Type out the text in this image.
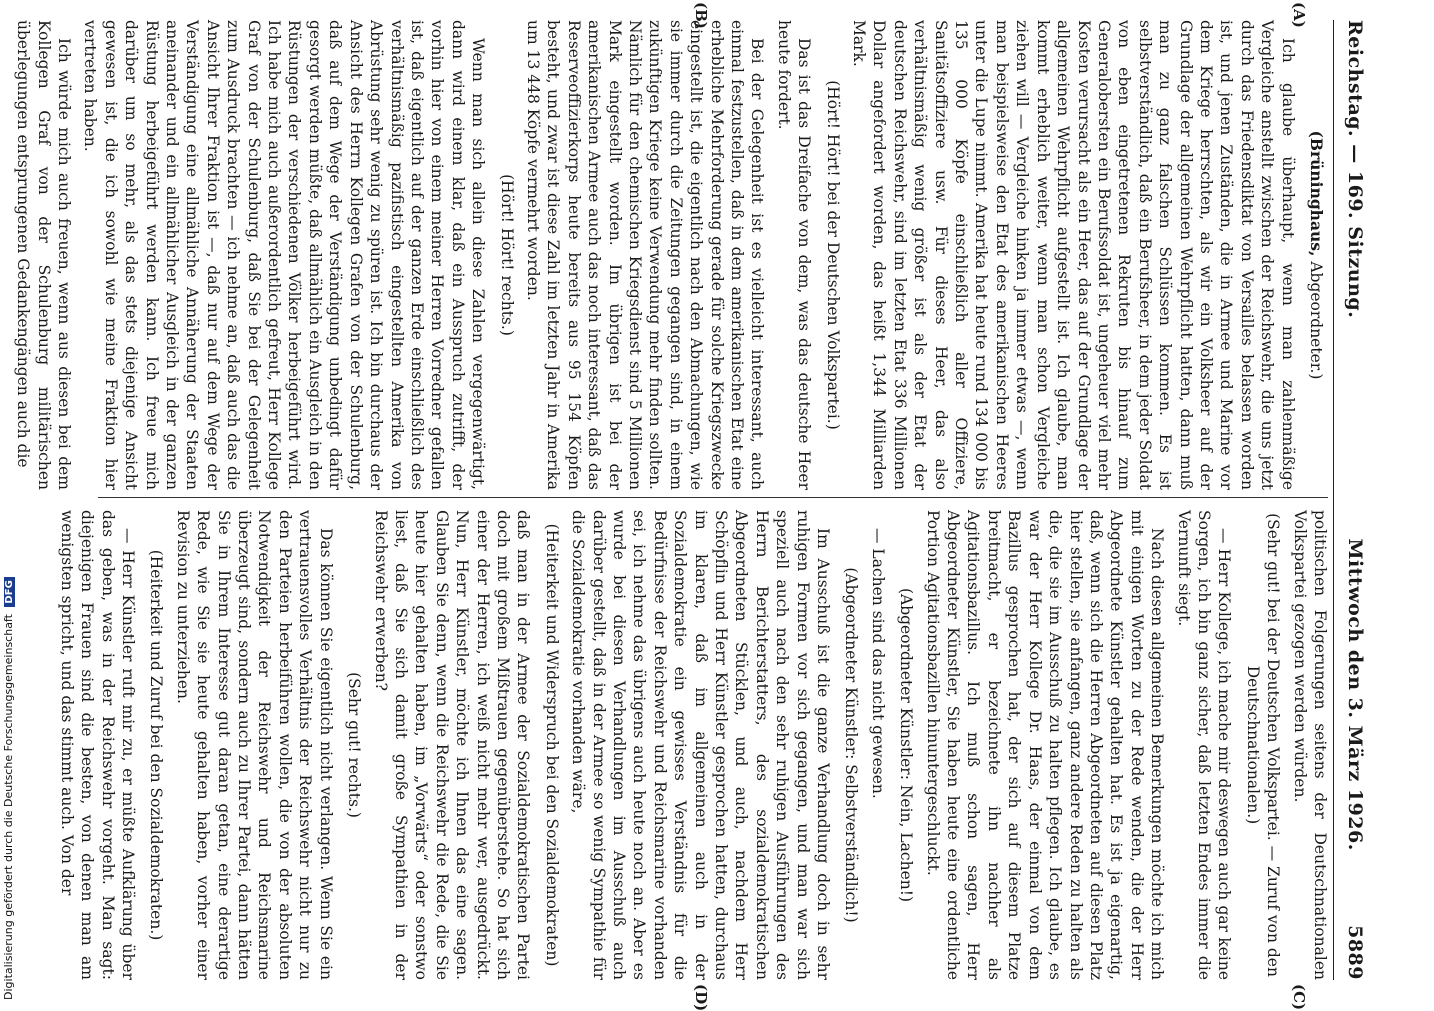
Digitalisierung gefördert durch die Deutsche Forschungsgemeinschaft DFG
Reichstag. — 169. Sitzung.
Mittwoch den 3. März 1926.  5889
(A)
(B)
(C)
(D)

(Brüninghaus, Abgeordneter.)

Ich glaube überhaupt, wenn man zahlenmäßige Vergleiche anstellt zwischen der Reichswehr, die uns jetzt durch das Friedensdiktat von Versailles belassen worden ist, und jenen Zuständen, die in Armee und Marine vor dem Kriege herrschten, als wir ein Volksheer auf der Grundlage der allgemeinen Wehrpflicht hatten, dann muß man zu ganz falschen Schlüssen kommen. Es ist selbstverständlich, daß ein Berufsheer, in dem jeder Soldat von eben eingetretenen Rekruten bis hinauf zum Generalobersten ein Berufssoldat ist, ungeheuer viel mehr Kosten verursacht als ein Heer, das auf der Grundlage der allgemeinen Wehrpflicht aufgestellt ist. Ich glaube, man kommt erheblich weiter, wenn man schon Vergleiche ziehen will — Vergleiche hinken ja immer etwas —, wenn man beispielsweise den Etat des amerikanischen Heeres unter die Lupe nimmt. Amerika hat heute rund 134 000 bis 135 000 Köpfe einschließlich aller Offiziere, Sanitätsoffiziere usw. Für dieses Heer, das also verhältnismäßig wenig größer ist als der Etat der deutschen Reichswehr, sind im letzten Etat 336 Millionen Dollar angefordert worden, das heißt 1,344 Milliarden Mark.

(Hört! Hört! bei der Deutschen Volkspartei.)

Das ist das Dreifache von dem, was das deutsche Heer heute fordert.

Bei der Gelegenheit ist es vielleicht interessant, auch einmal festzustellen, daß in dem amerikanischen Etat eine erhebliche Mehrforderung gerade für solche Kriegszwecke eingestellt ist, die eigentlich nach den Abmachungen, wie sie immer durch die Zeitungen gegangen sind, in einem zukünftigen Kriege keine Verwendung mehr finden sollten. Nämlich für den chemischen Kriegsdienst sind 5 Millionen Mark eingestellt worden. Im übrigen ist bei der amerikanischen Armee auch das noch interessant, daß das Reserveoffizierkorps heute bereits aus 95 154 Köpfen besteht, und zwar ist diese Zahl im letzten Jahr in Amerika um 13 448 Köpfe vermehrt worden.

(Hört! Hört! rechts.)

Wenn man sich allein diese Zahlen vergegenwärtigt, dann wird einem klar, daß ein Ausspruch zutrifft, der vorhin hier von einem meiner Herren Vorredner gefallen ist, daß eigentlich auf der ganzen Erde einschließlich des verhältnismäßig pazifistisch eingestellten Amerika von Abrüstung sehr wenig zu spüren ist. Ich bin durchaus der Ansicht des Herrn Kollegen Grafen von der Schulenburg, daß auf dem Wege der Verständigung unbedingt dafür gesorgt werden müßte, daß allmählich ein Ausgleich in den Rüstungen der verschiedenen Völker herbeigeführt wird. Ich habe mich auch außerordentlich gefreut, Herr Kollege Graf von der Schulenburg, daß Sie bei der Gelegenheit zum Ausdruck brachten — ich nehme an, daß auch das die Ansicht Ihrer Fraktion ist —, daß nur auf dem Wege der Verständigung eine allmähliche Annäherung der Staaten aneinander und ein allmählicher Ausgleich in der ganzen Rüstung herbeigeführt werden kann. Ich freue mich darüber um so mehr, als das stets diejenige Ansicht gewesen ist, die ich sowohl wie meine Fraktion hier vertreten haben.

Ich würde mich auch freuen, wenn aus diesen bei dem Kollegen Graf von der Schulenburg militärischen überlegungen entsprungenen Gedankengängen auch die

politischen Folgerungen seitens der Deutschnationalen Volkspartei gezogen werden würden.

(Sehr gut! bei der Deutschen Volkspartei. — Zuruf von den Deutschnationalen.)

— Herr Kollege, ich mache mir deswegen auch gar keine Sorgen, ich bin ganz sicher, daß letzten Endes immer die Vernunft siegt.

Nach diesen allgemeinen Bemerkungen möchte ich mich mit einigen Worten zu der Rede wenden, die der Herr Abgeordnete Künstler gehalten hat. Es ist ja eigenartig, daß, wenn sich die Herren Abgeordneten auf diesen Platz hier stellen, sie anfangen, ganz andere Reden zu halten als die, die sie im Ausschuß zu halten pflegen. Ich glaube, es war der Herr Kollege Dr. Haas, der einmal von dem Bazillus gesprochen hat, der sich auf diesem Platze breitmacht, er bezeichnete ihn nachher als Agitationsbazillus. Ich muß schon sagen, Herr Abgeordneter Künstler, Sie haben heute eine ordentliche Portion Agitationsbazillen hinuntergeschluckt.

(Abgeordneter Künstler: Nein, Lachen!)

— Lachen sind das nicht gewesen.

(Abgeordneter Künstler: Selbstverständlich!)

Im Ausschuß ist die ganze Verhandlung doch in sehr ruhigen Formen vor sich gegangen, und man war sich speziell auch nach den sehr ruhigen Ausführungen des Herrn Berichterstatters, des sozialdemokratischen Abgeordneten Stücklen, und auch, nachdem Herr Schöpflin und Herr Künstler gesprochen hatten, durchaus im klaren, daß im allgemeinen auch in der Sozialdemokratie ein gewisses Verständnis für die Bedürfnisse der Reichswehr und Reichsmarine vorhanden sei, ich nehme das übrigens auch heute noch an. Aber es wurde bei diesen Verhandlungen im Ausschuß auch darüber gestellt, daß in der Armee so wenig Sympathie für die Sozialdemokratie vorhanden wäre,

(Heiterkeit und Widerspruch bei den Sozialdemokraten)

daß man in der Armee der Sozialdemokratischen Partei doch mit großem Mißtrauen gegenüberstehe. So hat sich einer der Herren, ich weiß nicht mehr wer, ausgedrückt. Nun, Herr Künstler, möchte ich Ihnen das eine sagen. Glauben Sie denn, wenn die Reichswehr die Rede, die Sie heute hier gehalten haben, im „Vorwärts“ oder sonstwo liest, daß Sie sich damit große Sympathien in der Reichswehr erwerben?

(Sehr gut! rechts.)

Das können Sie eigentlich nicht verlangen. Wenn Sie ein vertrauensvolles Verhältnis der Reichswehr nicht nur zu den Parteien herbeiführen wollen, die von der absoluten Notwendigkeit der Reichswehr und Reichsmarine überzeugt sind, sondern auch zu Ihrer Partei, dann hätten Sie in Ihrem Interesse gut daran getan, eine derartige Rede, wie Sie sie heute gehalten haben, vorher einer Revision zu unterziehen.

(Heiterkeit und Zuruf bei den Sozialdemokraten.)

— Herr Künstler ruft mir zu, er müßte Aufklärung über das geben, was in der Reichswehr vorgeht. Man sagt: diejenigen Frauen sind die besten, von denen man am wenigsten spricht, und das stimmt auch. Von der
